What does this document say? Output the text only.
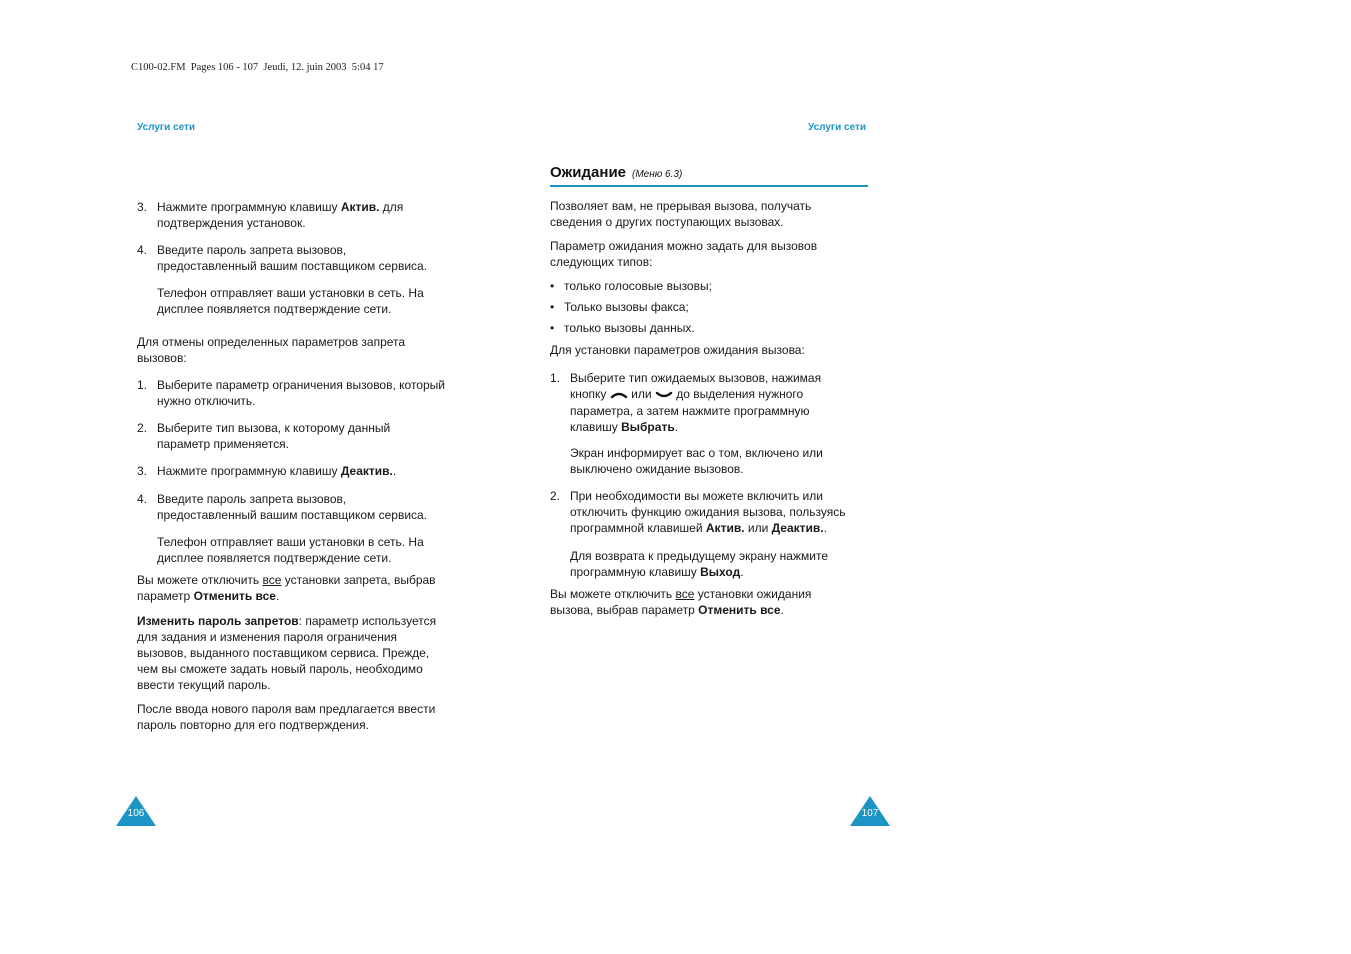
C100-02.FM  Pages 106 - 107  Jeudi, 12. juin 2003  5:04 17
Услуги сети
3. Нажмите программную клавишу Актив. для

подтверждения установок.

4. Введите пароль запрета вызовов,

предоставленный вашим поставщиком сервиса.

Телефон отправляет ваши установки в сеть. На

дисплее появляется подтверждение сети.

Для отмены определенных параметров запрета

вызовов:

1. Выберите параметр ограничения вызовов, который

нужно отключить.

2. Выберите тип вызова, к которому данный

параметр применяется.

3. Нажмите программную клавишу Деактив..

4. Введите пароль запрета вызовов,

предоставленный вашим поставщиком сервиса.

Телефон отправляет ваши установки в сеть. На

дисплее появляется подтверждение сети.

Вы можете отключить все установки запрета, выбрав

параметр Отменить все.

Изменить пароль запретов: параметр используется

для задания и изменения пароля ограничения

вызовов, выданного поставщиком сервиса. Прежде,

чем вы сможете задать новый пароль, необходимо

ввести текущий пароль.

После ввода нового пароля вам предлагается ввести

пароль повторно для его подтверждения.

106
Услуги сети
Ожидание (Меню 6.3)

Позволяет вам, не прерывая вызова, получать

сведения о других поступающих вызовах.

Параметр ожидания можно задать для вызовов

следующих типов:

Для установки параметров ожидания вызова:

1. Выберите тип ожидаемых вызовов, нажимая

кнопку  или  до выделения нужного

параметра, а затем нажмите программную

клавишу Выбрать.

Экран информирует вас о том, включено или

выключено ожидание вызовов.

2. При необходимости вы можете включить или

отключить функцию ожидания вызова, пользуясь

программной клавишей Актив. или Деактив..

Для возврата к предыдущему экрану нажмите

программную клавишу Выход.

Вы можете отключить все установки ожидания

вызова, выбрав параметр Отменить все.

• только голосовые вызовы;
• Только вызовы факса;
• только вызовы данных.
107
